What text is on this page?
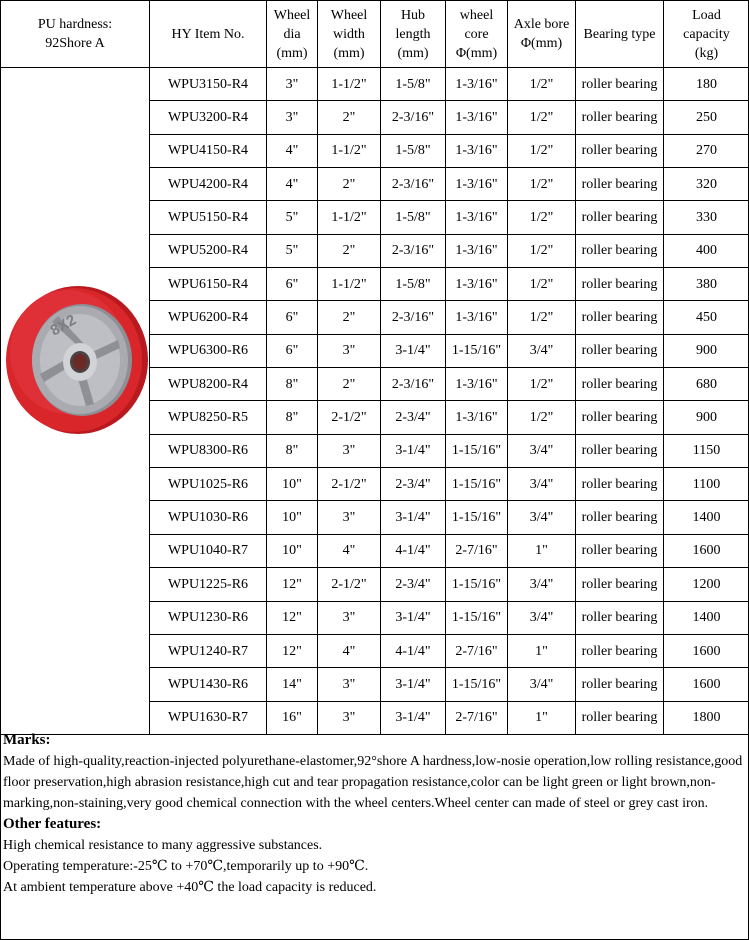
PU hardness:
92Shore A	HY Item No.	Wheel
dia
(mm)	Wheel
width
(mm)	Hub
length
(mm)	wheel
core
Φ(mm)	Axle bore
Φ(mm)	Bearing type	Load
capacity
(kg)

8X2	WPU3150-R4	3"	1-1/2"	1-5/8"	1-3/16"	1/2"	roller bearing	180
	WPU3200-R4	3"	2"	2-3/16"	1-3/16"	1/2"	roller bearing	250
	WPU4150-R4	4"	1-1/2"	1-5/8"	1-3/16"	1/2"	roller bearing	270
	WPU4200-R4	4"	2"	2-3/16"	1-3/16"	1/2"	roller bearing	320
	WPU5150-R4	5"	1-1/2"	1-5/8"	1-3/16"	1/2"	roller bearing	330
	WPU5200-R4	5"	2"	2-3/16"	1-3/16"	1/2"	roller bearing	400
	WPU6150-R4	6"	1-1/2"	1-5/8"	1-3/16"	1/2"	roller bearing	380
	WPU6200-R4	6"	2"	2-3/16"	1-3/16"	1/2"	roller bearing	450
	WPU6300-R6	6"	3"	3-1/4"	1-15/16"	3/4"	roller bearing	900
	WPU8200-R4	8"	2"	2-3/16"	1-3/16"	1/2"	roller bearing	680
	WPU8250-R5	8"	2-1/2"	2-3/4"	1-3/16"	1/2"	roller bearing	900
	WPU8300-R6	8"	3"	3-1/4"	1-15/16"	3/4"	roller bearing	1150
	WPU1025-R6	10"	2-1/2"	2-3/4"	1-15/16"	3/4"	roller bearing	1100
	WPU1030-R6	10"	3"	3-1/4"	1-15/16"	3/4"	roller bearing	1400
	WPU1040-R7	10"	4"	4-1/4"	2-7/16"	1"	roller bearing	1600
	WPU1225-R6	12"	2-1/2"	2-3/4"	1-15/16"	3/4"	roller bearing	1200
	WPU1230-R6	12"	3"	3-1/4"	1-15/16"	3/4"	roller bearing	1400
	WPU1240-R7	12"	4"	4-1/4"	2-7/16"	1"	roller bearing	1600
	WPU1430-R6	14"	3"	3-1/4"	1-15/16"	3/4"	roller bearing	1600
	WPU1630-R7	16"	3"	3-1/4"	2-7/16"	1"	roller bearing	1800

Marks:

Made of high-quality,reaction-injected polyurethane-elastomer,92°shore A hardness,low-nosie operation,low rolling resistance,good floor preservation,high abrasion resistance,high cut and tear propagation resistance,color can be light green or light brown,non-marking,non-staining,very good chemical connection with the wheel centers.Wheel center can made of steel or grey cast iron.

Other features:

High chemical resistance to many aggressive substances.

Operating temperature:-25℃ to +70℃,temporarily up to +90℃.

At ambient temperature above +40℃ the load capacity is reduced.
